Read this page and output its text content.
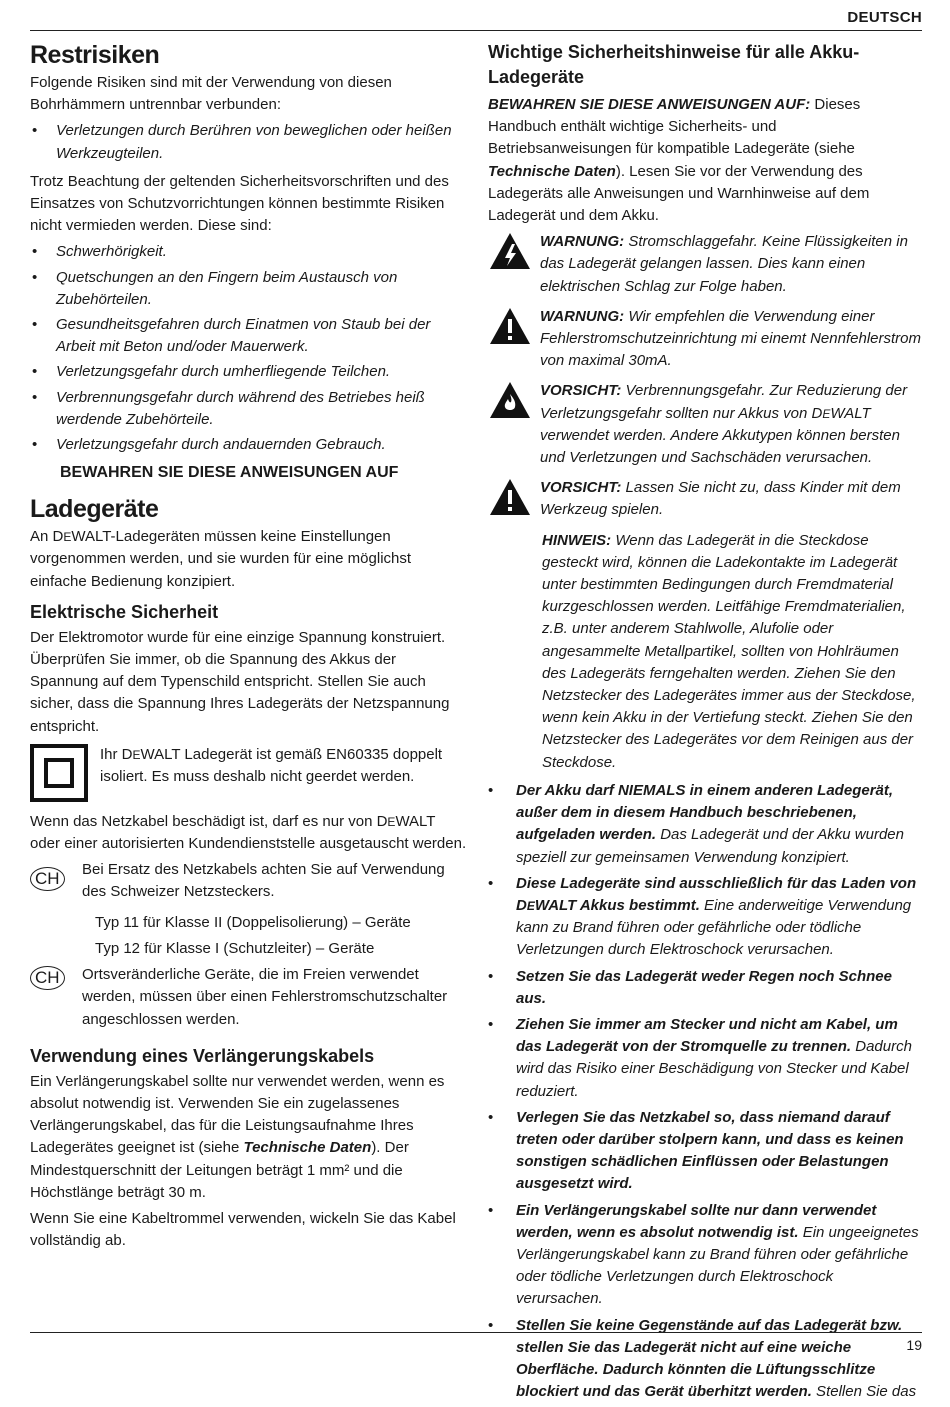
DEUTSCH
Restrisiken

Folgende Risiken sind mit der Verwendung von diesen Bohrhämmern untrennbar verbunden:

• Verletzungen durch Berühren von beweglichen oder heißen Werkzeugteilen.

Trotz Beachtung der geltenden Sicherheitsvorschriften und des Einsatzes von Schutzvorrichtungen können bestimmte Risiken nicht vermieden werden. Diese sind:

• Schwerhörigkeit.
• Quetschungen an den Fingern beim Austausch von Zubehörteilen.
• Gesundheitsgefahren durch Einatmen von Staub bei der Arbeit mit Beton und/oder Mauerwerk.
• Verletzungsgefahr durch umherfliegende Teilchen.
• Verbrennungsgefahr durch während des Betriebes heiß werdende Zubehörteile.
• Verletzungsgefahr durch andauernden Gebrauch.
BEWAHREN SIE DIESE ANWEISUNGEN AUF
Ladegeräte

An DEWALT-Ladegeräten müssen keine Einstellungen vorgenommen werden, und sie wurden für eine möglichst einfache Bedienung konzipiert.

Elektrische Sicherheit

Der Elektromotor wurde für eine einzige Spannung konstruiert. Überprüfen Sie immer, ob die Spannung des Akkus der Spannung auf dem Typenschild entspricht. Stellen Sie auch sicher, dass die Spannung Ihres Ladegeräts der Netzspannung entspricht.

Ihr DEWALT Ladegerät ist gemäß EN60335 doppelt isoliert. Es muss deshalb nicht geerdet werden.

Wenn das Netzkabel beschädigt ist, darf es nur von DEWALT oder einer autorisierten Kundendienststelle ausgetauscht werden.

CH	Bei Ersatz des Netzkabels achten Sie auf Verwendung des Schweizer Netzsteckers.

Typ 11 für Klasse II (Doppelisolierung) – Geräte

Typ 12 für Klasse I (Schutzleiter) – Geräte

CH	Ortsveränderliche Geräte, die im Freien verwendet werden, müssen über einen Fehlerstromschutzschalter angeschlossen werden.

Verwendung eines Verlängerungskabels

Ein Verlängerungskabel sollte nur verwendet werden, wenn es absolut notwendig ist. Verwenden Sie ein zugelassenes Verlängerungskabel, das für die Leistungsaufnahme Ihres Ladegerätes geeignet ist (siehe Technische Daten). Der Mindestquerschnitt der Leitungen beträgt 1 mm² und die Höchstlänge beträgt 30 m.

Wenn Sie eine Kabeltrommel verwenden, wickeln Sie das Kabel vollständig ab.

Wichtige Sicherheitshinweise für alle Akku-Ladegeräte

BEWAHREN SIE DIESE ANWEISUNGEN AUF: Dieses Handbuch enthält wichtige Sicherheits- und Betriebsanweisungen für kompatible Ladegeräte (siehe Technische Daten). Lesen Sie vor der Verwendung des Ladegeräts alle Anweisungen und Warnhinweise auf dem Ladegerät und dem Akku.

WARNUNG: Stromschlaggefahr. Keine Flüssigkeiten in das Ladegerät gelangen lassen. Dies kann einen elektrischen Schlag zur Folge haben.

WARNUNG: Wir empfehlen die Verwendung einer Fehlerstromschutzeinrichtung mi einemt Nennfehlerstrom von maximal 30mA.

VORSICHT: Verbrennungsgefahr. Zur Reduzierung der Verletzungsgefahr sollten nur Akkus von DEWALT verwendet werden. Andere Akkutypen können bersten und Verletzungen und Sachschäden verursachen.

VORSICHT: Lassen Sie nicht zu, dass Kinder mit dem Werkzeug spielen.

HINWEIS: Wenn das Ladegerät in die Steckdose gesteckt wird, können die Ladekontakte im Ladegerät unter bestimmten Bedingungen durch Fremdmaterial kurzgeschlossen werden. Leitfähige Fremdmaterialien, z.B. unter anderem Stahlwolle, Alufolie oder angesammelte Metallpartikel, sollten von Hohlräumen des Ladegeräts ferngehalten werden. Ziehen Sie den Netzstecker des Ladegerätes immer aus der Steckdose, wenn kein Akku in der Vertiefung steckt. Ziehen Sie den Netzstecker des Ladegerätes vor dem Reinigen aus der Steckdose.

• Der Akku darf NIEMALS in einem anderen Ladegerät, außer dem in diesem Handbuch beschriebenen, aufgeladen werden. Das Ladegerät und der Akku wurden speziell zur gemeinsamen Verwendung konzipiert.
• Diese Ladegeräte sind ausschließlich für das Laden von DEWALT Akkus bestimmt. Eine anderweitige Verwendung kann zu Brand führen oder gefährliche oder tödliche Verletzungen durch Elektroschock verursachen.
• Setzen Sie das Ladegerät weder Regen noch Schnee aus.
• Ziehen Sie immer am Stecker und nicht am Kabel, um das Ladegerät von der Stromquelle zu trennen. Dadurch wird das Risiko einer Beschädigung von Stecker und Kabel reduziert.
• Verlegen Sie das Netzkabel so, dass niemand darauf treten oder darüber stolpern kann, und dass es keinen sonstigen schädlichen Einflüssen oder Belastungen ausgesetzt wird.
• Ein Verlängerungskabel sollte nur dann verwendet werden, wenn es absolut notwendig ist. Ein ungeeignetes Verlängerungskabel kann zu Brand führen oder gefährliche oder tödliche Verletzungen durch Elektroschock verursachen.
• Stellen Sie keine Gegenstände auf das Ladegerät bzw. stellen Sie das Ladegerät nicht auf eine weiche Oberfläche. Dadurch könnten die Lüftungsschlitze blockiert und das Gerät überhitzt werden. Stellen Sie das
19
